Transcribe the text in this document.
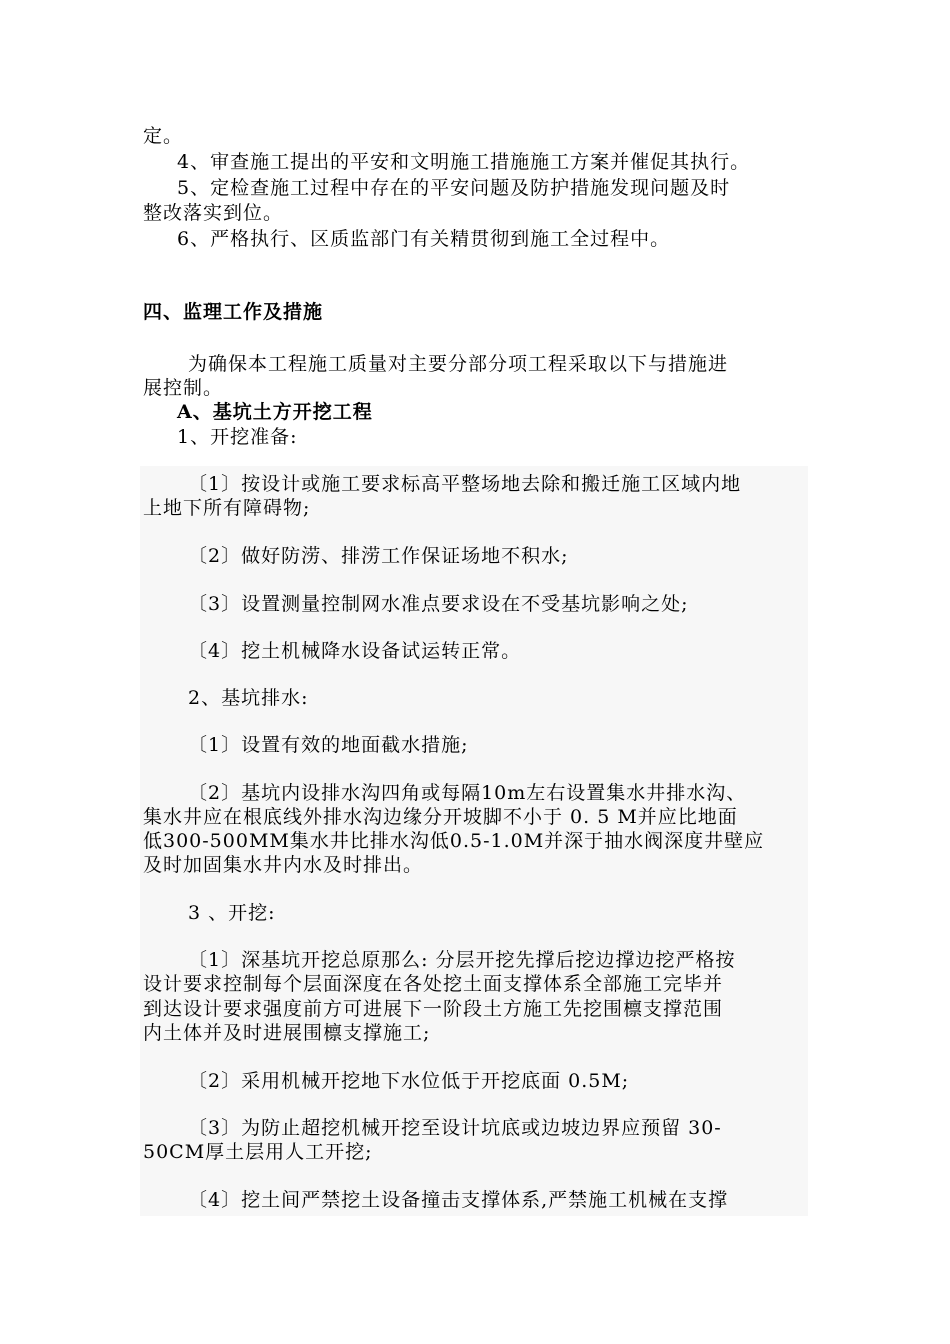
定。
4、审查施工提出的平安和文明施工措施施工方案并催促其执行。
5、定检查施工过程中存在的平安问题及防护措施发现问题及时
整改落实到位。
6、严格执行、区质监部门有关精贯彻到施工全过程中。
四、监理工作及措施
为确保本工程施工质量对主要分部分项工程采取以下与措施进
展控制。
A、基坑土方开挖工程
1、开挖准备:
〔1〕按设计或施工要求标高平整场地去除和搬迁施工区域内地
上地下所有障碍物;
〔2〕做好防涝、排涝工作保证场地不积水;
〔3〕设置测量控制网水准点要求设在不受基坑影响之处;
〔4〕挖土机械降水设备试运转正常。
2、基坑排水:
〔1〕设置有效的地面截水措施;
〔2〕基坑内设排水沟四角或每隔10m左右设置集水井排水沟、
集水井应在根底线外排水沟边缘分开坡脚不小于 0. 5 M并应比地面
低300-500MM集水井比排水沟低0.5-1.0M并深于抽水阀深度井壁应
及时加固集水井内水及时排出。
3 、开挖:
〔1〕深基坑开挖总原那么: 分层开挖先撑后挖边撑边挖严格按
设计要求控制每个层面深度在各处挖土面支撑体系全部施工完毕并
到达设计要求强度前方可进展下一阶段土方施工先挖围檩支撑范围
内土体并及时进展围檩支撑施工;
〔2〕采用机械开挖地下水位低于开挖底面 0.5M;
〔3〕为防止超挖机械开挖至设计坑底或边坡边界应预留 30-
50CM厚土层用人工开挖;
〔4〕挖土间严禁挖土设备撞击支撑体系,严禁施工机械在支撑
